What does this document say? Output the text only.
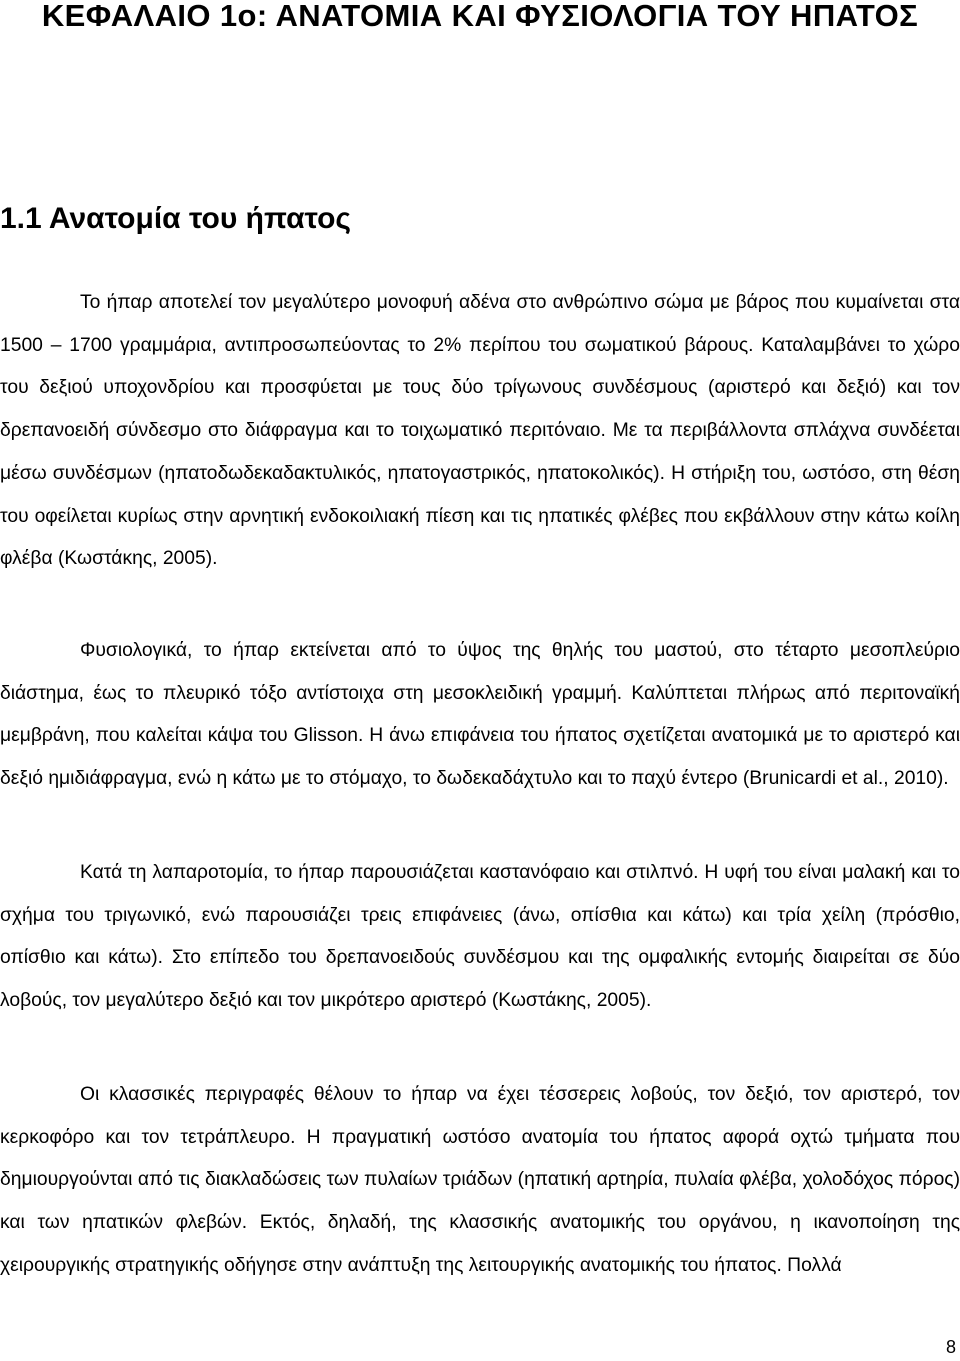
ΚΕΦΑΛΑΙΟ 1ο: ΑΝΑΤΟΜΙΑ ΚΑΙ ΦΥΣΙΟΛΟΓΙΑ ΤΟΥ ΗΠΑΤΟΣ
1.1 Ανατομία του ήπατος

Το ήπαρ αποτελεί τον μεγαλύτερο μονοφυή αδένα στο ανθρώπινο σώμα με βάρος που κυμαίνεται στα 1500 – 1700 γραμμάρια, αντιπροσωπεύοντας το 2% περίπου του σωματικού βάρους. Καταλαμβάνει το χώρο του δεξιού υποχονδρίου και προσφύεται με τους δύο τρίγωνους συνδέσμους (αριστερό και δεξιό) και τον δρεπανοειδή σύνδεσμο στο διάφραγμα και το τοιχωματικό περιτόναιο. Με τα περιβάλλοντα σπλάχνα συνδέεται μέσω συνδέσμων (ηπατοδωδεκαδακτυλικός, ηπατογαστρικός, ηπατοκολικός). Η στήριξη του, ωστόσο, στη θέση του οφείλεται κυρίως στην αρνητική ενδοκοιλιακή πίεση και τις ηπατικές φλέβες που εκβάλλουν στην κάτω κοίλη φλέβα (Κωστάκης, 2005).

Φυσιολογικά, το ήπαρ εκτείνεται από το ύψος της θηλής του μαστού, στο τέταρτο μεσοπλεύριο διάστημα, έως το πλευρικό τόξο αντίστοιχα στη μεσοκλειδική γραμμή. Καλύπτεται πλήρως από περιτοναϊκή μεμβράνη, που καλείται κάψα του Glisson. Η άνω επιφάνεια του ήπατος σχετίζεται ανατομικά με το αριστερό και δεξιό ημιδιάφραγμα, ενώ η κάτω με το στόμαχο, το δωδεκαδάχτυλο και το παχύ έντερο (Brunicardi et al., 2010).

Κατά τη λαπαροτομία, το ήπαρ παρουσιάζεται καστανόφαιο και στιλπνό. Η υφή του είναι μαλακή και το σχήμα του τριγωνικό, ενώ παρουσιάζει τρεις επιφάνειες (άνω, οπίσθια και κάτω) και τρία χείλη (πρόσθιο, οπίσθιο και κάτω). Στο επίπεδο του δρεπανοειδούς συνδέσμου και της ομφαλικής εντομής διαιρείται σε δύο λοβούς, τον μεγαλύτερο δεξιό και τον μικρότερο αριστερό (Κωστάκης, 2005).

Οι κλασσικές περιγραφές θέλουν το ήπαρ να έχει τέσσερεις λοβούς, τον δεξιό, τον αριστερό, τον κερκοφόρο και τον τετράπλευρο. Η πραγματική ωστόσο ανατομία του ήπατος αφορά οχτώ τμήματα που δημιουργούνται από τις διακλαδώσεις των πυλαίων τριάδων (ηπατική αρτηρία, πυλαία φλέβα, χολοδόχος πόρος) και των ηπατικών φλεβών. Εκτός, δηλαδή, της κλασσικής ανατομικής του οργάνου, η ικανοποίηση της χειρουργικής στρατηγικής οδήγησε στην ανάπτυξη της λειτουργικής ανατομικής του ήπατος. Πολλά

8
